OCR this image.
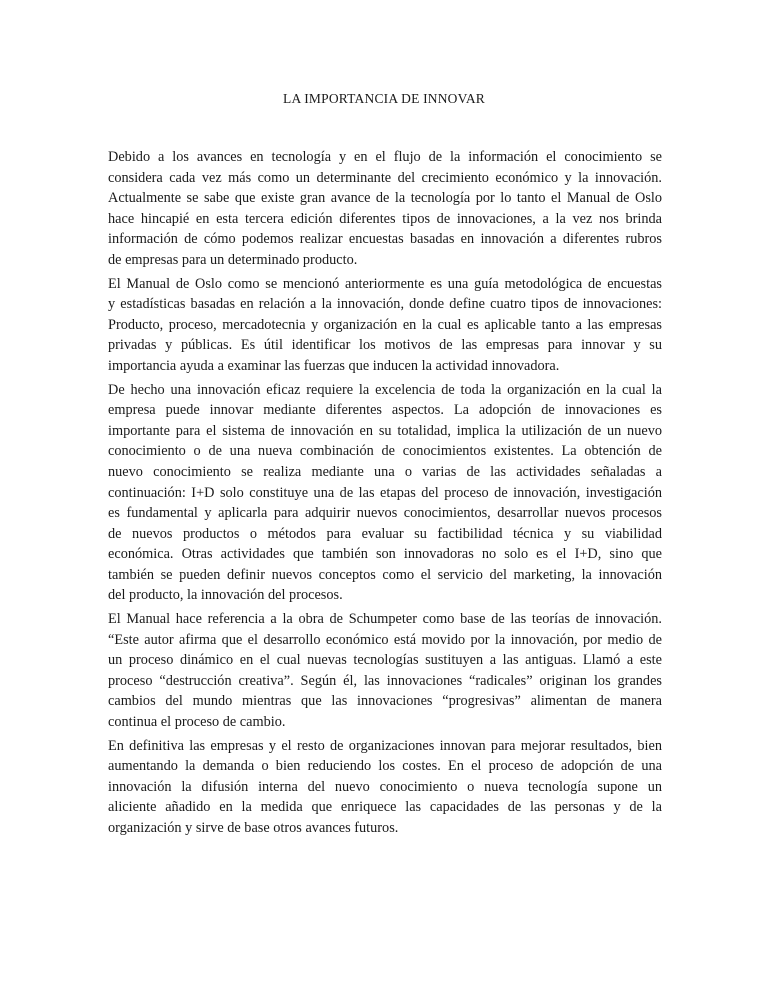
LA IMPORTANCIA DE INNOVAR
Debido a los avances en tecnología y en el flujo de la información el conocimiento se
considera cada vez más como un determinante del crecimiento económico y la innovación.
Actualmente se sabe que existe gran avance de la tecnología por lo tanto el Manual de Oslo
hace hincapié en esta tercera edición diferentes tipos de innovaciones, a la vez nos brinda
información de cómo podemos realizar encuestas basadas en innovación a diferentes rubros
de empresas para un determinado producto.
El Manual de Oslo como se mencionó anteriormente es una guía metodológica de encuestas
y estadísticas basadas en relación a la innovación, donde define cuatro tipos de innovaciones:
Producto, proceso, mercadotecnia y organización en la cual es aplicable tanto a las empresas
privadas y públicas. Es útil identificar los motivos de las empresas para innovar y su
importancia ayuda a examinar las fuerzas que inducen la actividad innovadora.
De hecho una innovación eficaz requiere la excelencia de toda la organización en la cual la
empresa puede innovar mediante diferentes aspectos. La adopción de innovaciones es
importante para el sistema de innovación en su totalidad, implica la utilización de un nuevo
conocimiento o de una nueva combinación de conocimientos existentes. La obtención de
nuevo conocimiento se realiza mediante una o varias de las actividades señaladas a
continuación: I+D solo constituye una de las etapas del proceso de innovación, investigación
es fundamental y aplicarla para adquirir nuevos conocimientos, desarrollar nuevos procesos
de nuevos productos o métodos para evaluar su factibilidad técnica y su viabilidad
económica. Otras actividades que también son innovadoras no solo es el I+D, sino que
también se pueden definir nuevos conceptos como el servicio del marketing, la innovación
del producto, la innovación del procesos.
El Manual hace referencia a la obra de Schumpeter como base de las teorías de innovación.
“Este autor afirma que el desarrollo económico está movido por la innovación, por medio de
un proceso dinámico en el cual nuevas tecnologías sustituyen a las antiguas. Llamó a este
proceso “destrucción creativa”. Según él, las innovaciones “radicales” originan los grandes
cambios del mundo mientras que las innovaciones “progresivas” alimentan de manera
continua el proceso de cambio.
En definitiva las empresas y el resto de organizaciones innovan para mejorar resultados, bien
aumentando la demanda o bien reduciendo los costes. En el proceso de adopción de una
innovación la difusión interna del nuevo conocimiento o nueva tecnología supone un
aliciente añadido en la medida que enriquece las capacidades de las personas y de la
organización y sirve de base otros avances futuros.
